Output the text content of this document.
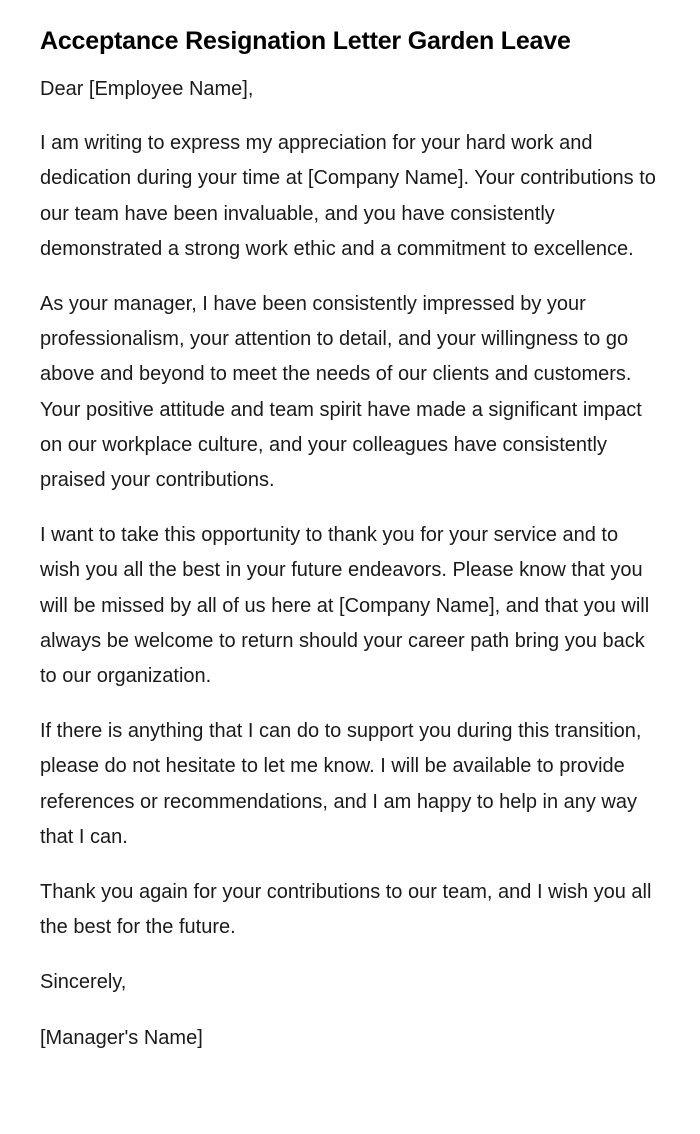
Acceptance Resignation Letter Garden Leave

Dear [Employee Name],

I am writing to express my appreciation for your hard work and dedication during your time at [Company Name]. Your contributions to our team have been invaluable, and you have consistently demonstrated a strong work ethic and a commitment to excellence.

As your manager, I have been consistently impressed by your professionalism, your attention to detail, and your willingness to go above and beyond to meet the needs of our clients and customers. Your positive attitude and team spirit have made a significant impact on our workplace culture, and your colleagues have consistently praised your contributions.

I want to take this opportunity to thank you for your service and to wish you all the best in your future endeavors. Please know that you will be missed by all of us here at [Company Name], and that you will always be welcome to return should your career path bring you back to our organization.

If there is anything that I can do to support you during this transition, please do not hesitate to let me know. I will be available to provide references or recommendations, and I am happy to help in any way that I can.

Thank you again for your contributions to our team, and I wish you all the best for the future.

Sincerely,

[Manager's Name]
